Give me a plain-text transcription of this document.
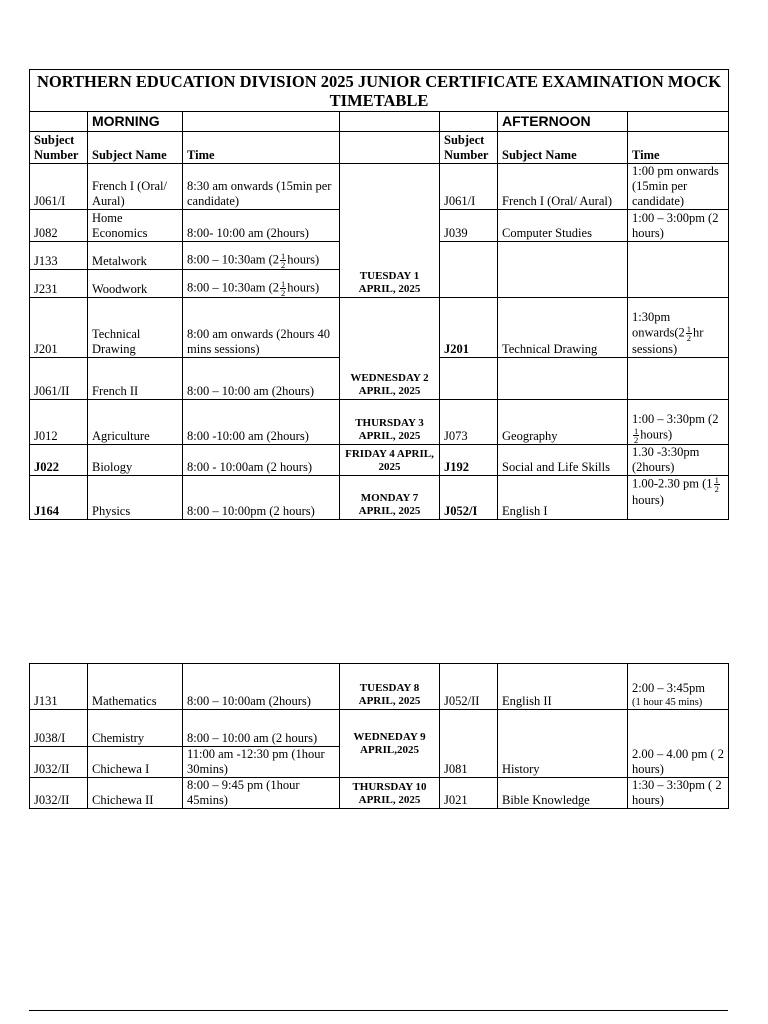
NORTHERN EDUCATION DIVISION 2025 JUNIOR CERTIFICATE EXAMINATION MOCK TIMETABLE						
	MORNING				AFTERNOON	
Subject Number	Subject Name	Time		Subject Number	Subject Name	Time
J061/I	French I (Oral/ Aural)	8:30 am onwards (15min per candidate)	TUESDAY 1 APRIL, 2025	J061/I	French I (Oral/ Aural)	1:00 pm onwards (15min per candidate)
J082	Home Economics	8:00- 10:00 am (2hours)		J039	Computer Studies	1:00 – 3:00pm (2 hours)
J133	Metalwork	8:00 – 10:30am ($2 \frac{1}{2}$ hours)				
J231	Woodwork	8:00 – 10:30am ($2 \frac{1}{2}$ hours)				
J201	Technical Drawing	8:00 am onwards (2hours 40 mins sessions)	WEDNESDAY 2 APRIL, 2025	J201	Technical Drawing	1:30pm onwards(2 $\frac{1}{2}$ hr sessions)
J061/II	French II	8:00 – 10:00 am (2hours)				
J012	Agriculture	8:00 -10:00 am (2hours)	THURSDAY 3 APRIL, 2025	J073	Geography	1:00 – 3:30pm (2
$\frac{1}{2}$ hours)
J022	Biology	8:00 - 10:00am (2 hours)	FRIDAY 4 APRIL, 2025	J192	Social and Life Skills	1.30 -3:30pm (2hours)
J164	Physics	8:00 – 10:00pm (2 hours)	MONDAY 7 APRIL, 2025	J052/I	English I	1.00-2.30 pm ($1 \frac{1}{2}$
hours)
J131	Mathematics	8:00 – 10:00am (2hours)	TUESDAY 8 APRIL, 2025	J052/II	English II	2:00 – 3:45pm
(1 hour 45 mins)

J038/I	Chemistry	8:00 – 10:00 am (2 hours)	WEDNEDAY 9 APRIL,2025	J081	History	2.00 – 4.00 pm ( 2 hours)
J032/II	Chichewa I	11:00 am -12:30 pm (1hour 30mins)				
J032/II	Chichewa II	8:00 – 9:45 pm (1hour 45mins)	THURSDAY 10 APRIL, 2025	J021	Bible Knowledge	1:30 – 3:30pm ( 2 hours)
